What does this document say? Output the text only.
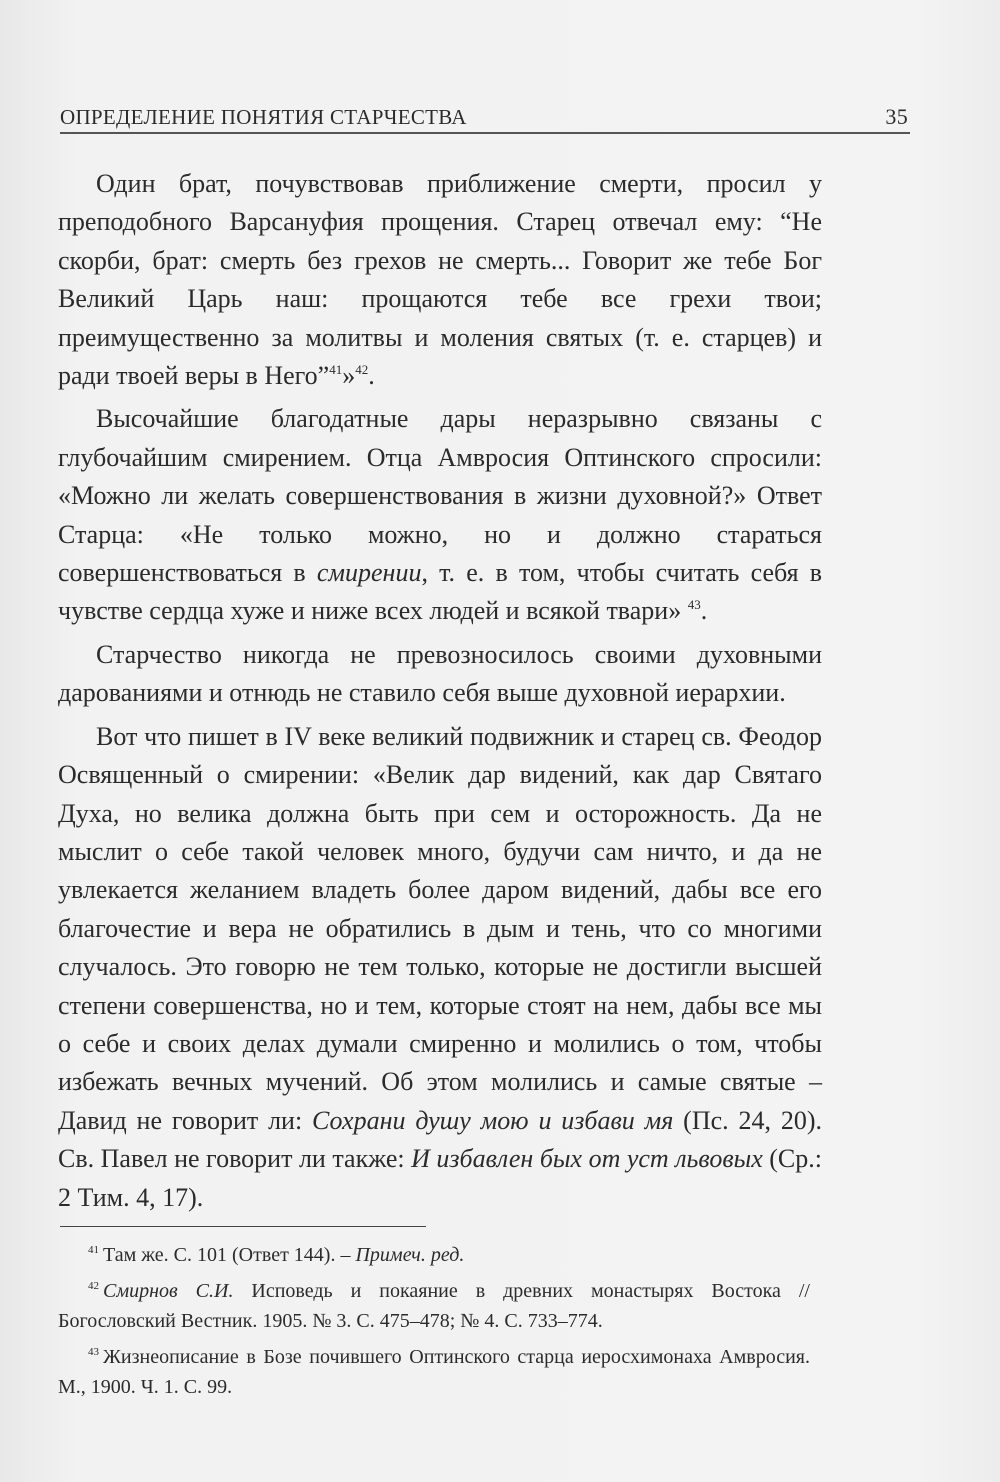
ОПРЕДЕЛЕНИЕ ПОНЯТИЯ СТАРЧЕСТВА	35

Один брат, почувствовав приближение смерти, просил у преподобного Варсануфия прощения. Старец отвечал ему: “Не скорби, брат: смерть без грехов не смерть... Говорит же тебе Бог Великий Царь наш: прощаются тебе все грехи твои; преимущественно за молитвы и моления святых (т. е. старцев) и ради твоей веры в Него”$^{41}$»$^{42}$.

Высочайшие благодатные дары неразрывно связаны с глубочайшим смирением. Отца Амвросия Оптинского спросили: «Можно ли желать совершенствования в жизни духовной?» Ответ Старца: «Не только можно, но и должно стараться совершенствоваться в смирении, т. е. в том, чтобы считать себя в чувстве сердца хуже и ниже всех людей и всякой твари» $^{43}$.

Старчество никогда не превозносилось своими духовными дарованиями и отнюдь не ставило себя выше духовной иерархии.

Вот что пишет в IV веке великий подвижник и старец св. Феодор Освященный о смирении: «Велик дар видений, как дар Святаго Духа, но велика должна быть при сем и осторожность. Да не мыслит о себе такой человек много, будучи сам ничто, и да не увлекается желанием владеть более даром видений, дабы все его благочестие и вера не обратились в дым и тень, что со многими случалось. Это говорю не тем только, которые не достигли высшей степени совершенства, но и тем, которые стоят на нем, дабы все мы о себе и своих делах думали смиренно и молились о том, чтобы избежать вечных мучений. Об этом молились и самые святые – Давид не говорит ли: Сохрани душу мою и избави мя (Пс. 24, 20). Св. Павел не говорит ли также: И избавлен бых от уст львовых (Ср.: 2 Тим. 4, 17).

$^{41}$ Там же. С. 101 (Ответ 144). – Примеч. ред.

$^{42}$ Смирнов С.И. Исповедь и покаяние в древних монастырях Востока // Богословский Вестник. 1905. № 3. С. 475–478; № 4. С. 733–774.

$^{43}$ Жизнеописание в Бозе почившего Оптинского старца иеросхимонаха Амвросия. М., 1900. Ч. 1. С. 99.
